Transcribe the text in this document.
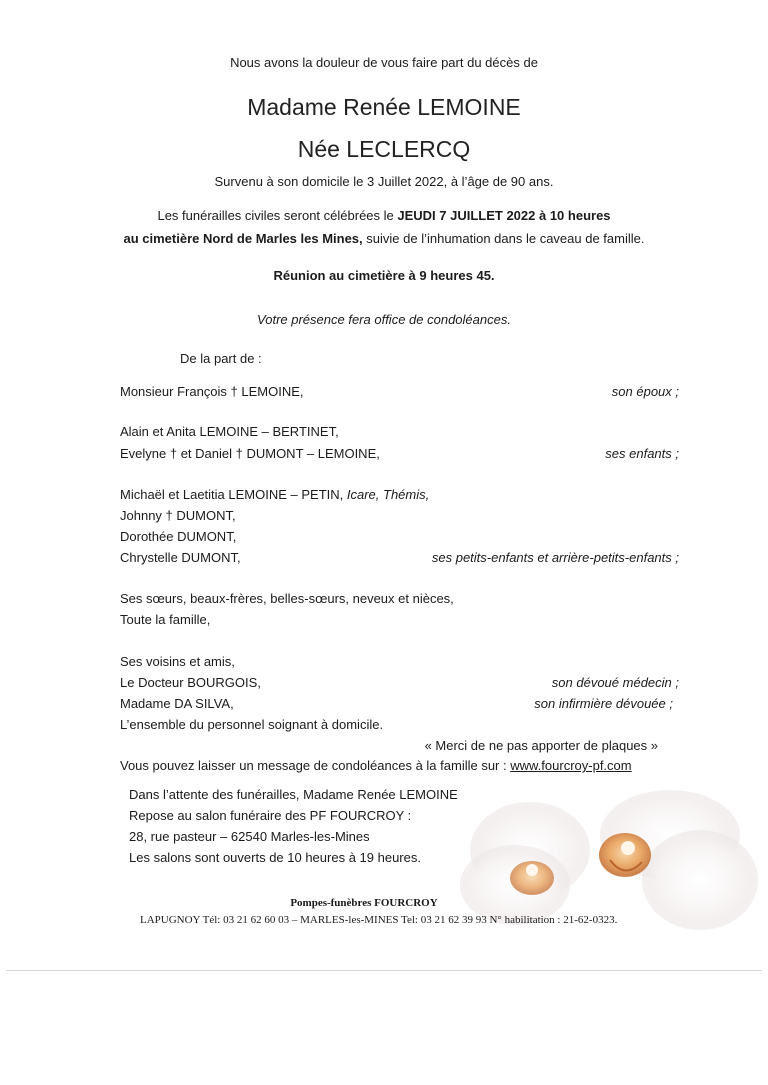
Nous avons la douleur de vous faire part du décès de
Madame Renée LEMOINE
Née LECLERCQ
Survenu à son domicile le 3 Juillet 2022, à l’âge de 90 ans.
Les funérailles civiles seront célébrées le JEUDI 7 JUILLET 2022 à 10 heures
au cimetière Nord de Marles les Mines, suivie de l’inhumation dans le caveau de famille.
Réunion au cimetière à 9 heures 45.
Votre présence fera office de condoléances.
De la part de :
Monsieur François † LEMOINE,	son époux ;
Alain et Anita LEMOINE – BERTINET,
Evelyne † et Daniel † DUMONT – LEMOINE,	ses enfants ;
Michaël et Laetitia LEMOINE – PETIN, Icare, Thémis,
Johnny † DUMONT,
Dorothée DUMONT,
Chrystelle DUMONT,	ses petits-enfants et arrière-petits-enfants ;
Ses sœurs, beaux-frères, belles-sœurs, neveux et nièces,
Toute la famille,
Ses voisins et amis,
Le Docteur BOURGOIS,	son dévoué médecin ;
Madame DA SILVA,	son infirmière dévouée ;
L’ensemble du personnel soignant à domicile.
« Merci de ne pas apporter de plaques »
Vous pouvez laisser un message de condoléances à la famille sur : www.fourcroy-pf.com
Dans l’attente des funérailles, Madame Renée LEMOINE
Repose au salon funéraire des PF FOURCROY :
28, rue pasteur – 62540 Marles-les-Mines
Les salons sont ouverts de 10 heures à 19 heures.
Pompes-funèbres FOURCROY
LAPUGNOY Tél: 03 21 62 60 03 – MARLES-les-MINES Tel: 03 21 62 39 93 N° habilitation : 21-62-0323.
